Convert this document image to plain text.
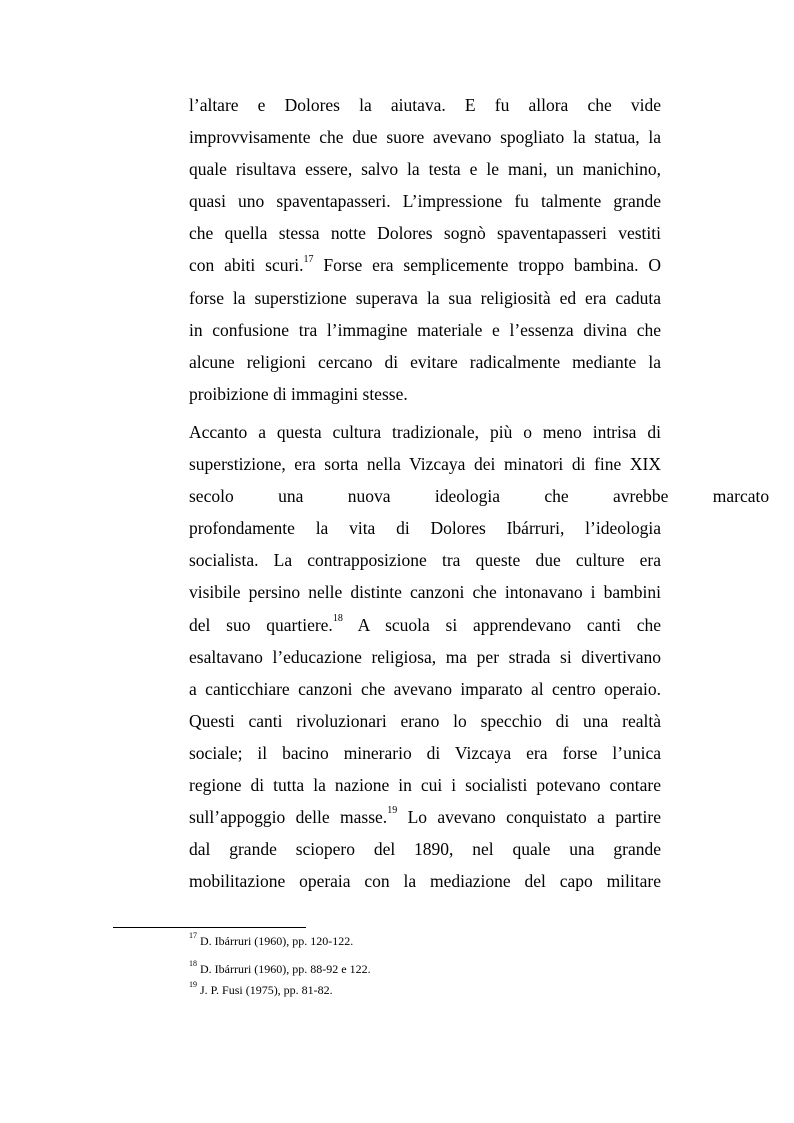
l’altare e Dolores la aiutava. E fu allora che vide
improvvisamente che due suore avevano spogliato la statua, la
quale risultava essere, salvo la testa e le mani, un manichino,
quasi uno spaventapasseri. L’impressione fu talmente grande
che quella stessa notte Dolores sognò spaventapasseri vestiti
con abiti scuri.$^{17}$ Forse era semplicemente troppo bambina. O
forse la superstizione superava la sua religiosità ed era caduta
in confusione tra l’immagine materiale e l’essenza divina che
alcune religioni cercano di evitare radicalmente mediante la
proibizione di immagini stesse.
Accanto a questa cultura tradizionale, più o meno intrisa di
superstizione, era sorta nella Vizcaya dei minatori di fine XIX
secolo una nuova ideologia che avrebbe marcato
profondamente la vita di Dolores Ibárruri, l’ideologia
socialista. La contrapposizione tra queste due culture era
visibile persino nelle distinte canzoni che intonavano i bambini
del suo quartiere.$^{18}$ A scuola si apprendevano canti che
esaltavano l’educazione religiosa, ma per strada si divertivano
a canticchiare canzoni che avevano imparato al centro operaio.
Questi canti rivoluzionari erano lo specchio di una realtà
sociale; il bacino minerario di Vizcaya era forse l’unica
regione di tutta la nazione in cui i socialisti potevano contare
sull’appoggio delle masse.$^{19}$ Lo avevano conquistato a partire
dal grande sciopero del 1890, nel quale una grande
mobilitazione operaia con la mediazione del capo militare
$^{17}$ D. Ibárruri (1960), pp. 120-122.
$^{18}$ D. Ibárruri (1960), pp. 88-92 e 122.
$^{19}$ J. P. Fusi (1975), pp. 81-82.
